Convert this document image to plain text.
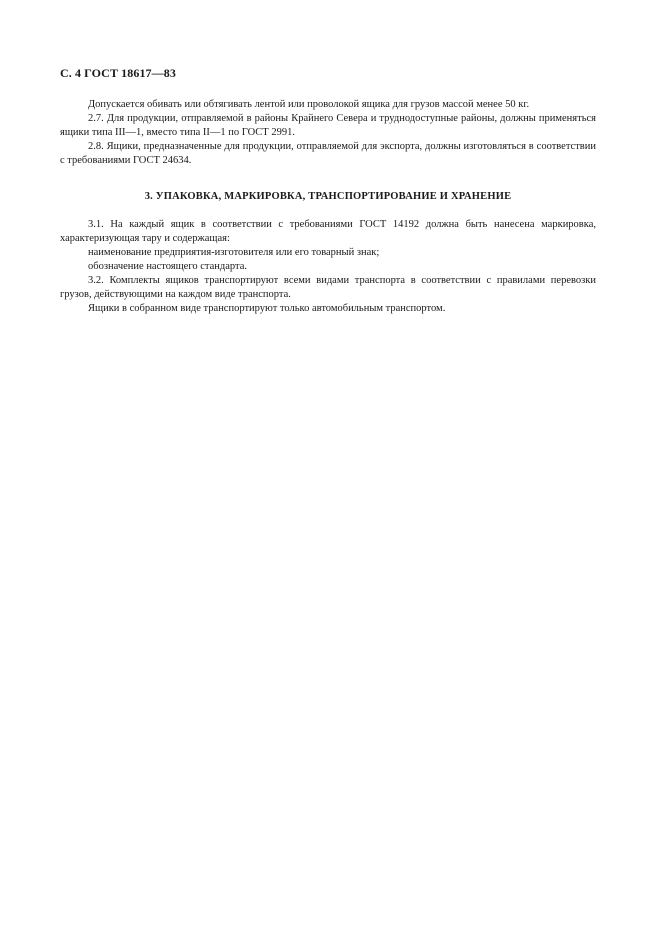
С. 4 ГОСТ 18617—83

Допускается обивать или обтягивать лентой или проволокой ящика для грузов массой менее 50 кг.

2.7. Для продукции, отправляемой в районы Крайнего Севера и труднодоступные районы, должны применяться ящики типа III—1, вместо типа II—1 по ГОСТ 2991.

2.8. Ящики, предназначенные для продукции, отправляемой для экспорта, должны изготовляться в соответствии с требованиями ГОСТ 24634.

3. УПАКОВКА, МАРКИРОВКА, ТРАНСПОРТИРОВАНИЕ И ХРАНЕНИЕ

3.1. На каждый ящик в соответствии с требованиями ГОСТ 14192 должна быть нанесена маркировка, характеризующая тару и содержащая:

наименование предприятия-изготовителя или его товарный знак;

обозначение настоящего стандарта.

3.2. Комплекты ящиков транспортируют всеми видами транспорта в соответствии с правилами перевозки грузов, действующими на каждом виде транспорта.

Ящики в собранном виде транспортируют только автомобильным транспортом.
